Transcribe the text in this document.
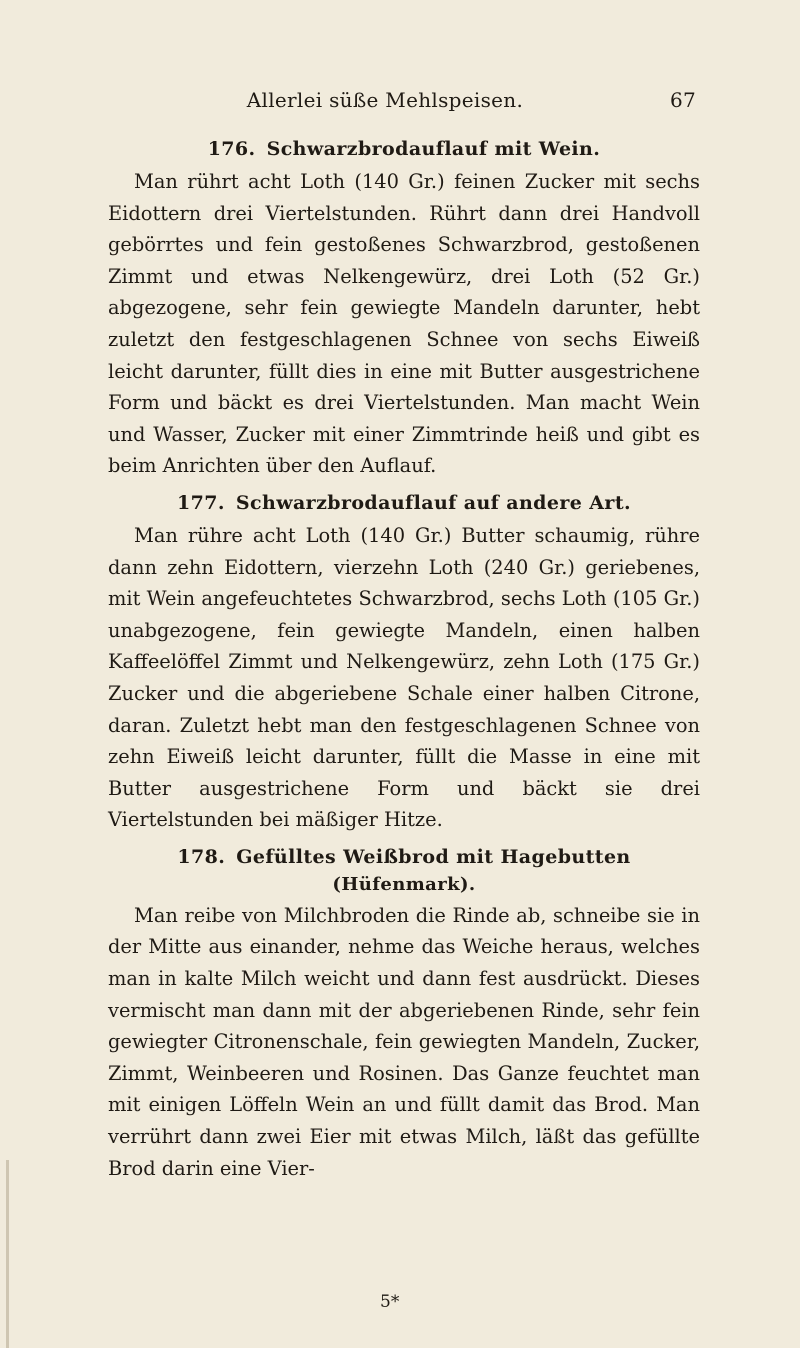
Allerlei süße Mehlspeisen.	67
176. Schwarzbrodauflauf mit Wein.

Man rührt acht Loth (140 Gr.) feinen Zucker mit sechs Eidottern drei Viertelstunden. Rührt dann drei Handvoll gebörrtes und fein gestoßenes Schwarzbrod, gestoßenen Zimmt und etwas Nelkengewürz, drei Loth (52 Gr.) abgezogene, sehr fein gewiegte Mandeln darunter, hebt zuletzt den festgeschlagenen Schnee von sechs Eiweiß leicht darunter, füllt dies in eine mit Butter ausgestrichene Form und bäckt es drei Viertelstunden. Man macht Wein und Wasser, Zucker mit einer Zimmtrinde heiß und gibt es beim Anrichten über den Auflauf.

177. Schwarzbrodauflauf auf andere Art.

Man rühre acht Loth (140 Gr.) Butter schaumig, rühre dann zehn Eidottern, vierzehn Loth (240 Gr.) geriebenes, mit Wein angefeuchtetes Schwarzbrod, sechs Loth (105 Gr.) unabgezogene, fein gewiegte Mandeln, einen halben Kaffeelöffel Zimmt und Nelkengewürz, zehn Loth (175 Gr.) Zucker und die abgeriebene Schale einer halben Citrone, daran. Zuletzt hebt man den festgeschlagenen Schnee von zehn Eiweiß leicht darunter, füllt die Masse in eine mit Butter ausgestrichene Form und bäckt sie drei Viertelstunden bei mäßiger Hitze.

178. Gefülltes Weißbrod mit Hagebutten
(Hüfenmark).

Man reibe von Milchbroden die Rinde ab, schneibe sie in der Mitte aus einander, nehme das Weiche heraus, welches man in kalte Milch weicht und dann fest ausdrückt. Dieses vermischt man dann mit der abgeriebenen Rinde, sehr fein gewiegter Citronenschale, fein gewiegten Mandeln, Zucker, Zimmt, Weinbeeren und Rosinen. Das Ganze feuchtet man mit einigen Löffeln Wein an und füllt damit das Brod. Man verrührt dann zwei Eier mit etwas Milch, läßt das gefüllte Brod darin eine Vier-

5*
